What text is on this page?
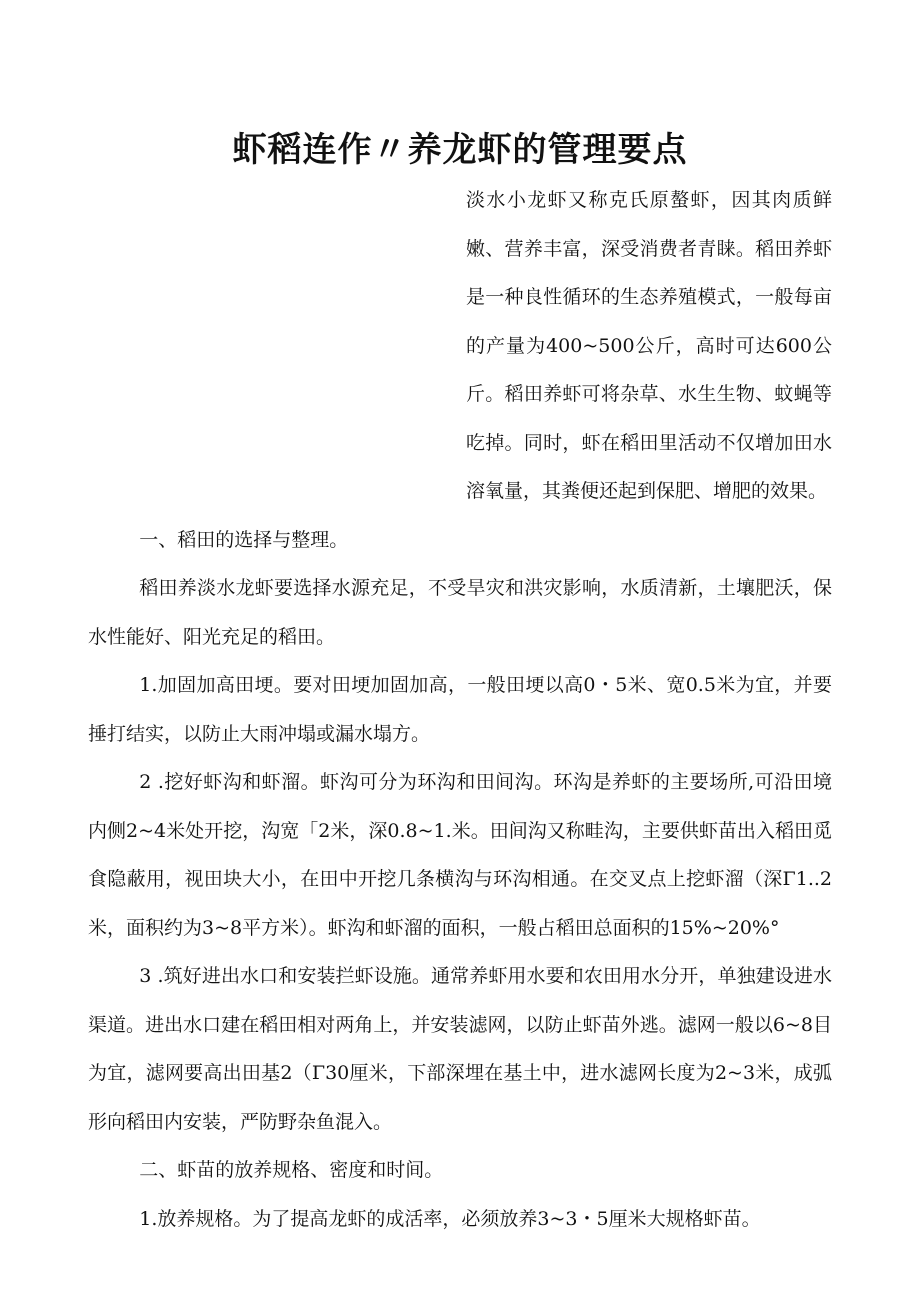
虾稻连作〃养龙虾的管理要点

淡水小龙虾又称克氏原螯虾，因其肉质鲜嫩、营养丰富，深受消费者青睐。稻田养虾是一种良性循环的生态养殖模式，一般每亩的产量为400~500公斤，高时可达600公斤。稻田养虾可将杂草、水生生物、蚊蝇等吃掉。同时，虾在稻田里活动不仅增加田水溶氧量，其粪便还起到保肥、增肥的效果。

一、稻田的选择与整理。

稻田养淡水龙虾要选择水源充足，不受旱灾和洪灾影响，水质清新，土壤肥沃，保水性能好、阳光充足的稻田。

1.加固加高田埂。要对田埂加固加高，一般田埂以高0・5米、宽0.5米为宜，并要捶打结实，以防止大雨冲塌或漏水塌方。

2 .挖好虾沟和虾溜。虾沟可分为环沟和田间沟。环沟是养虾的主要场所,可沿田境内侧2~4米处开挖，沟宽「2米，深0.8~1.米。田间沟又称畦沟，主要供虾苗出入稻田觅食隐蔽用，视田块大小，在田中开挖几条横沟与环沟相通。在交叉点上挖虾溜（深Γ1..2米，面积约为3~8平方米）。虾沟和虾溜的面积，一般占稻田总面积的15%~20%°

3 .筑好进出水口和安装拦虾设施。通常养虾用水要和农田用水分开，单独建设进水渠道。进出水口建在稻田相对两角上，并安装滤网，以防止虾苗外逃。滤网一般以6~8目为宜，滤网要高出田基2（Γ30厘米，下部深埋在基土中，进水滤网长度为2~3米，成弧形向稻田内安装，严防野杂鱼混入。

二、虾苗的放养规格、密度和时间。

1.放养规格。为了提高龙虾的成活率，必须放养3~3・5厘米大规格虾苗。
